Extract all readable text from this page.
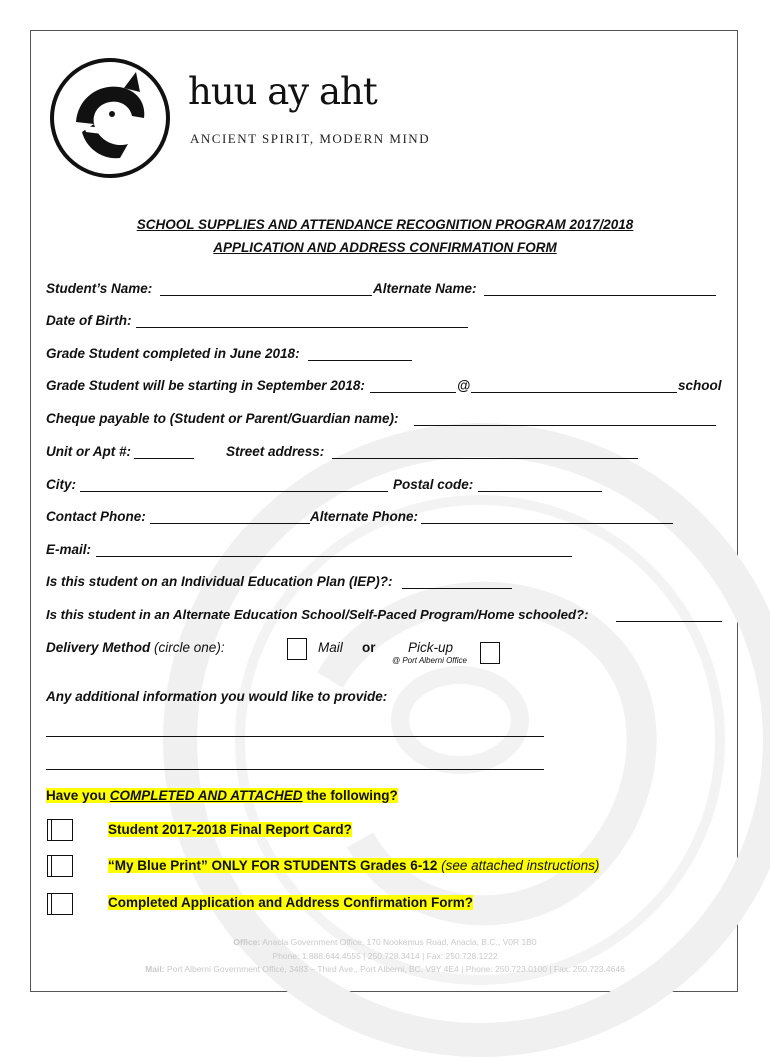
huu ay aht
ANCIENT SPIRIT, MODERN MIND
SCHOOL SUPPLIES AND ATTENDANCE RECOGNITION PROGRAM 2017/2018
APPLICATION AND ADDRESS CONFIRMATION FORM
Student’s Name:	Alternate Name:
Date of Birth:
Grade Student completed in June 2018:
Grade Student will be starting in September 2018:	@	school
Cheque payable to (Student or Parent/Guardian name):
Unit or Apt #:	Street address:
City:	Postal code:
Contact Phone:	Alternate Phone:
E-mail:
Is this student on an Individual Education Plan (IEP)?:
Is this student in an Alternate Education School/Self-Paced Program/Home schooled?:
Delivery Method (circle one):	Mail or Pick-up
@ Port Alberni Office
Any additional information you would like to provide:
Have you COMPLETED AND ATTACHED the following?
Student 2017-2018 Final Report Card?
“My Blue Print” ONLY FOR STUDENTS Grades 6-12 (see attached instructions)
Completed Application and Address Confirmation Form?
Office: Anacla Government Office, 170 Nookemus Road, Anacla, B.C., V0R 1B0
Phone: 1.888.644.4555 | 250.728.3414 | Fax: 250.728.1222
Mail: Port Alberni Government Office, 3483 – Third Ave., Port Alberni, BC, V9Y 4E4 | Phone: 250.723.0100 | Fax: 250.723.4646
